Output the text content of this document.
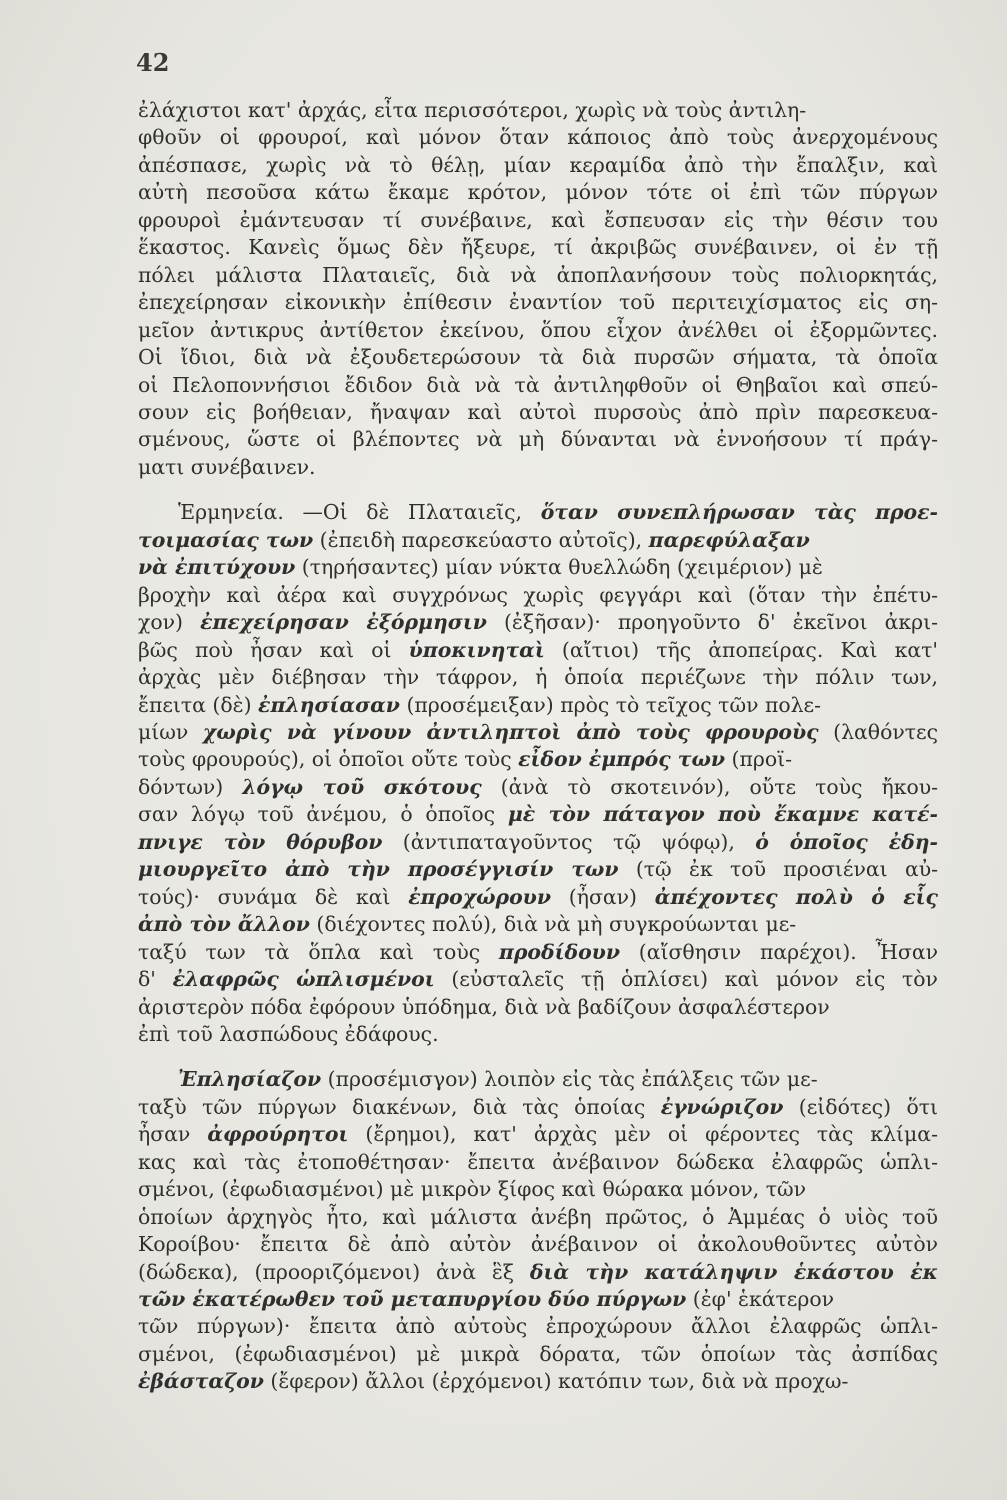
42
ἐλάχιστοι κατ' ἀρχάς, εἶτα περισσότεροι, χωρὶς νὰ τοὺς ἀντιλη-
φθοῦν οἱ φρουροί, καὶ μόνον ὅταν κάποιος ἀπὸ τοὺς ἀνερχομένους
ἀπέσπασε, χωρὶς νὰ τὸ θέλῃ, μίαν κεραμίδα ἀπὸ τὴν ἔπαλξιν, καὶ
αὐτὴ πεσοῦσα κάτω ἔκαμε κρότον, μόνον τότε οἱ ἐπὶ τῶν πύργων
φρουροὶ ἐμάντευσαν τί συνέβαινε, καὶ ἔσπευσαν εἰς τὴν θέσιν του
ἕκαστος. Κανεὶς ὅμως δὲν ἤξευρε, τί ἀκριβῶς συνέβαινεν, οἱ ἐν τῇ
πόλει μάλιστα Πλαταιεῖς, διὰ νὰ ἀποπλανήσουν τοὺς πολιορκητάς,
ἐπεχείρησαν εἰκονικὴν ἐπίθεσιν ἐναντίον τοῦ περιτειχίσματος εἰς ση-
μεῖον ἀντικρυς ἀντίθετον ἐκείνου, ὅπου εἶχον ἀνέλθει οἱ ἐξορμῶντες.
Οἱ ἴδιοι, διὰ νὰ ἐξουδετερώσουν τὰ διὰ πυρσῶν σήματα, τὰ ὁποῖα
οἱ Πελοποννήσιοι ἔδιδον διὰ νὰ τὰ ἀντιληφθοῦν οἱ Θηβαῖοι καὶ σπεύ-
σουν εἰς βοήθειαν, ἤναψαν καὶ αὐτοὶ πυρσοὺς ἀπὸ πρὶν παρεσκευα-
σμένους, ὥστε οἱ βλέποντες νὰ μὴ δύνανται νὰ ἐννοήσουν τί πράγ-
ματι συνέβαινεν.
Ἑρμηνεία. —Οἱ δὲ Πλαταιεῖς, ὅταν συνεπλήρωσαν τὰς προε-
τοιμασίας των (ἐπειδὴ παρεσκεύαστο αὐτοῖς), παρεφύλαξαν
νὰ ἐπιτύχουν (τηρήσαντες) μίαν νύκτα θυελλώδη (χειμέριον) μὲ
βροχὴν καὶ ἀέρα καὶ συγχρόνως χωρὶς φεγγάρι καὶ (ὅταν τὴν ἐπέτυ-
χον) ἐπεχείρησαν ἐξόρμησιν (ἐξῆσαν)· προηγοῦντο δ' ἐκεῖνοι ἀκρι-
βῶς ποὺ ἦσαν καὶ οἱ ὑποκινηταὶ (αἴτιοι) τῆς ἀποπείρας. Καὶ κατ'
ἀρχὰς μὲν διέβησαν τὴν τάφρον, ἡ ὁποία περιέζωνε τὴν πόλιν των,
ἔπειτα (δὲ) ἐπλησίασαν (προσέμειξαν) πρὸς τὸ τεῖχος τῶν πολε-
μίων χωρὶς νὰ γίνουν ἀντιληπτοὶ ἀπὸ τοὺς φρουροὺς (λαθόντες
τοὺς φρουρούς), οἱ ὁποῖοι οὔτε τοὺς εἶδον ἐμπρός των (προϊ-
δόντων) λόγῳ τοῦ σκότους (ἀνὰ τὸ σκοτεινόν), οὔτε τοὺς ἤκου-
σαν λόγῳ τοῦ ἀνέμου, ὁ ὁποῖος μὲ τὸν πάταγον ποὺ ἔκαμνε κατέ-
πνιγε τὸν θόρυβον (ἀντιπαταγοῦντος τῷ ψόφῳ), ὁ ὁποῖος ἐδη-
μιουργεῖτο ἀπὸ τὴν προσέγγισίν των (τῷ ἐκ τοῦ προσιέναι αὐ-
τούς)· συνάμα δὲ καὶ ἐπροχώρουν (ἦσαν) ἀπέχοντες πολὺ ὁ εἷς
ἀπὸ τὸν ἄλλον (διέχοντες πολύ), διὰ νὰ μὴ συγκρούωνται με-
ταξύ των τὰ ὅπλα καὶ τοὺς προδίδουν (αἴσθησιν παρέχοι). Ἦσαν
δ' ἐλαφρῶς ὡπλισμένοι (εὐσταλεῖς τῇ ὁπλίσει) καὶ μόνον εἰς τὸν
ἀριστερὸν πόδα ἐφόρουν ὑπόδημα, διὰ νὰ βαδίζουν ἀσφαλέστερον
ἐπὶ τοῦ λασπώδους ἐδάφους.
Ἐπλησίαζον (προσέμισγον) λοιπὸν εἰς τὰς ἐπάλξεις τῶν με-
ταξὺ τῶν πύργων διακένων, διὰ τὰς ὁποίας ἐγνώριζον (εἰδότες) ὅτι
ἦσαν ἀφρούρητοι (ἔρημοι), κατ' ἀρχὰς μὲν οἱ φέροντες τὰς κλίμα-
κας καὶ τὰς ἐτοποθέτησαν· ἔπειτα ἀνέβαινον δώδεκα ἐλαφρῶς ὡπλι-
σμένοι, (ἐφωδιασμένοι) μὲ μικρὸν ξίφος καὶ θώρακα μόνον, τῶν
ὁποίων ἀρχηγὸς ἦτο, καὶ μάλιστα ἀνέβη πρῶτος, ὁ Ἀμμέας ὁ υἱὸς τοῦ
Κοροίβου· ἔπειτα δὲ ἀπὸ αὐτὸν ἀνέβαινον οἱ ἀκολουθοῦντες αὐτὸν
(δώδεκα), (προοριζόμενοι) ἀνὰ ἓξ διὰ τὴν κατάληψιν ἑκάστου ἐκ
τῶν ἑκατέρωθεν τοῦ μεταπυργίου δύο πύργων (ἐφ' ἑκάτερον
τῶν πύργων)· ἔπειτα ἀπὸ αὐτοὺς ἐπροχώρουν ἄλλοι ἐλαφρῶς ὡπλι-
σμένοι, (ἐφωδιασμένοι) μὲ μικρὰ δόρατα, τῶν ὁποίων τὰς ἀσπίδας
ἐβάσταζον (ἔφερον) ἄλλοι (ἐρχόμενοι) κατόπιν των, διὰ νὰ προχω-
